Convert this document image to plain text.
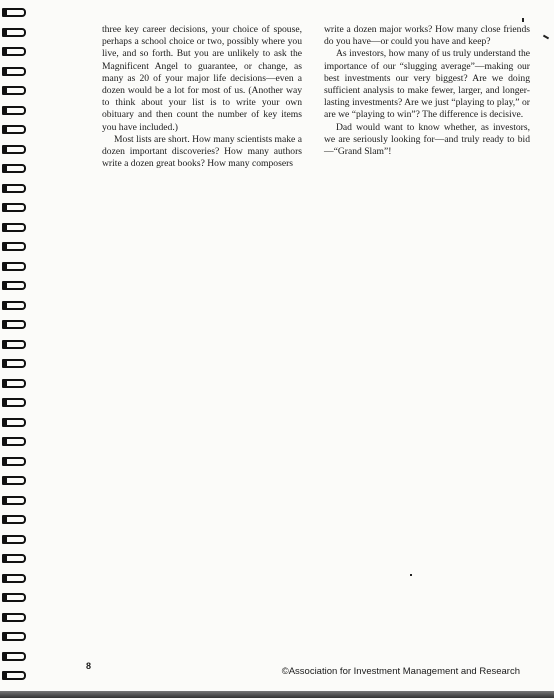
three key career decisions, your choice of spouse, perhaps a school choice or two, possibly where you live, and so forth. But you are unlikely to ask the Magnificent Angel to guarantee, or change, as many as 20 of your major life decisions—even a dozen would be a lot for most of us. (Another way to think about your list is to write your own obituary and then count the number of key items you have included.)

Most lists are short. How many scientists make a dozen important discoveries? How many authors write a dozen great books? How many composers

write a dozen major works? How many close friends do you have—or could you have and keep?

As investors, how many of us truly understand the importance of our “slugging average”—making our best investments our very biggest? Are we doing sufficient analysis to make fewer, larger, and longer-lasting investments? Are we just “playing to play,” or are we “playing to win”? The difference is decisive.

Dad would want to know whether, as investors, we are seriously looking for—and truly ready to bid—“Grand Slam”!

8	©Association for Investment Management and Research
